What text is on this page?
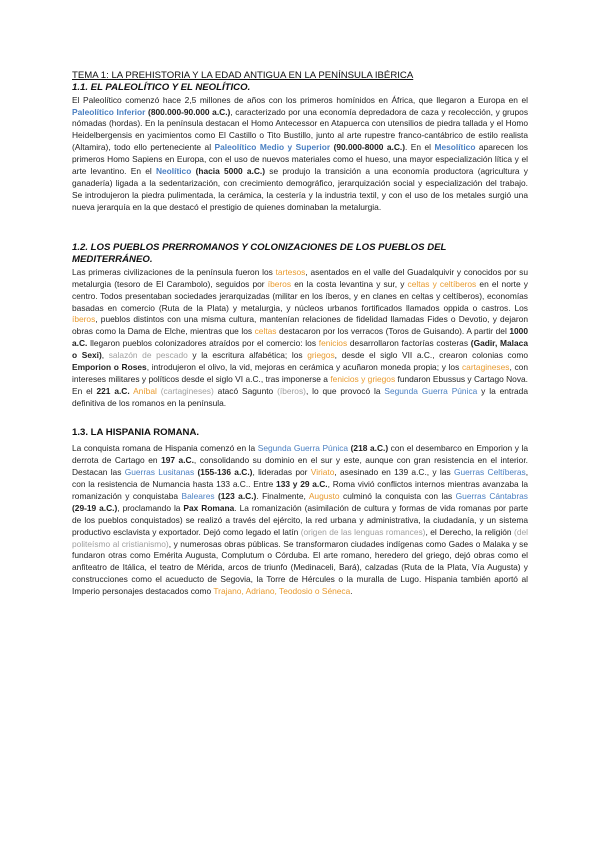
TEMA 1: LA PREHISTORIA Y LA EDAD ANTIGUA EN LA PENÍNSULA IBÉRICA
1.1. EL PALEOLÍTICO Y EL NEOLÍTICO.

El Paleolítico comenzó hace 2,5 millones de años con los primeros homínidos en África, que llegaron a Europa en el Paleolítico Inferior (800.000-90.000 a.C.), caracterizado por una economía depredadora de caza y recolección, y grupos nómadas (hordas). En la península destacan el Homo Antecessor en Atapuerca con utensilios de piedra tallada y el Homo Heidelbergensis en yacimientos como El Castillo o Tito Bustillo, junto al arte rupestre franco-cantábrico de estilo realista (Altamira), todo ello perteneciente al Paleolítico Medio y Superior (90.000-8000 a.C.). En el Mesolítico aparecen los primeros Homo Sapiens en Europa, con el uso de nuevos materiales como el hueso, una mayor especialización lítica y el arte levantino. En el Neolítico (hacia 5000 a.C.) se produjo la transición a una economía productora (agricultura y ganadería) ligada a la sedentarización, con crecimiento demográfico, jerarquización social y especialización del trabajo. Se introdujeron la piedra pulimentada, la cerámica, la cestería y la industria textil, y con el uso de los metales surgió una nueva jerarquía en la que destacó el prestigio de quienes dominaban la metalurgia.

1.2. LOS PUEBLOS PRERROMANOS Y COLONIZACIONES DE LOS PUEBLOS DEL MEDITERRÁNEO.

Las primeras civilizaciones de la península fueron los tartesos, asentados en el valle del Guadalquivir y conocidos por su metalurgia (tesoro de El Carambolo), seguidos por íberos en la costa levantina y sur, y celtas y celtíberos en el norte y centro. Todos presentaban sociedades jerarquizadas (militar en los íberos, y en clanes en celtas y celtíberos), economías basadas en comercio (Ruta de la Plata) y metalurgia, y núcleos urbanos fortificados llamados oppida o castros. Los íberos, pueblos distintos con una misma cultura, mantenían relaciones de fidelidad llamadas Fides o Devotio, y dejaron obras como la Dama de Elche, mientras que los celtas destacaron por los verracos (Toros de Guisando). A partir del 1000 a.C. llegaron pueblos colonizadores atraídos por el comercio: los fenicios desarrollaron factorías costeras (Gadir, Malaca o Sexi), salazón de pescado y la escritura alfabética; los griegos, desde el siglo VII a.C., crearon colonias como Emporion o Roses, introdujeron el olivo, la vid, mejoras en cerámica y acuñaron moneda propia; y los cartagineses, con intereses militares y políticos desde el siglo VI a.C., tras imponerse a fenicios y griegos fundaron Ebussus y Cartago Nova. En el 221 a.C. Aníbal (cartagineses) atacó Sagunto (íberos), lo que provocó la Segunda Guerra Púnica y la entrada definitiva de los romanos en la península.

1.3. LA HISPANIA ROMANA.

La conquista romana de Hispania comenzó en la Segunda Guerra Púnica (218 a.C.) con el desembarco en Emporion y la derrota de Cartago en 197 a.C., consolidando su dominio en el sur y este, aunque con gran resistencia en el interior. Destacan las Guerras Lusitanas (155-136 a.C.), lideradas por Viriato, asesinado en 139 a.C., y las Guerras Celtíberas, con la resistencia de Numancia hasta 133 a.C.. Entre 133 y 29 a.C., Roma vivió conflictos internos mientras avanzaba la romanización y conquistaba Baleares (123 a.C.). Finalmente, Augusto culminó la conquista con las Guerras Cántabras (29-19 a.C.), proclamando la Pax Romana. La romanización (asimilación de cultura y formas de vida romanas por parte de los pueblos conquistados) se realizó a través del ejército, la red urbana y administrativa, la ciudadanía, y un sistema productivo esclavista y exportador. Dejó como legado el latín (origen de las lenguas romances), el Derecho, la religión (del politeísmo al cristianismo), y numerosas obras públicas. Se transformaron ciudades indígenas como Gades o Malaka y se fundaron otras como Emérita Augusta, Complutum o Córduba. El arte romano, heredero del griego, dejó obras como el anfiteatro de Itálica, el teatro de Mérida, arcos de triunfo (Medinaceli, Bará), calzadas (Ruta de la Plata, Vía Augusta) y construcciones como el acueducto de Segovia, la Torre de Hércules o la muralla de Lugo. Hispania también aportó al Imperio personajes destacados como Trajano, Adriano, Teodosio o Séneca.
